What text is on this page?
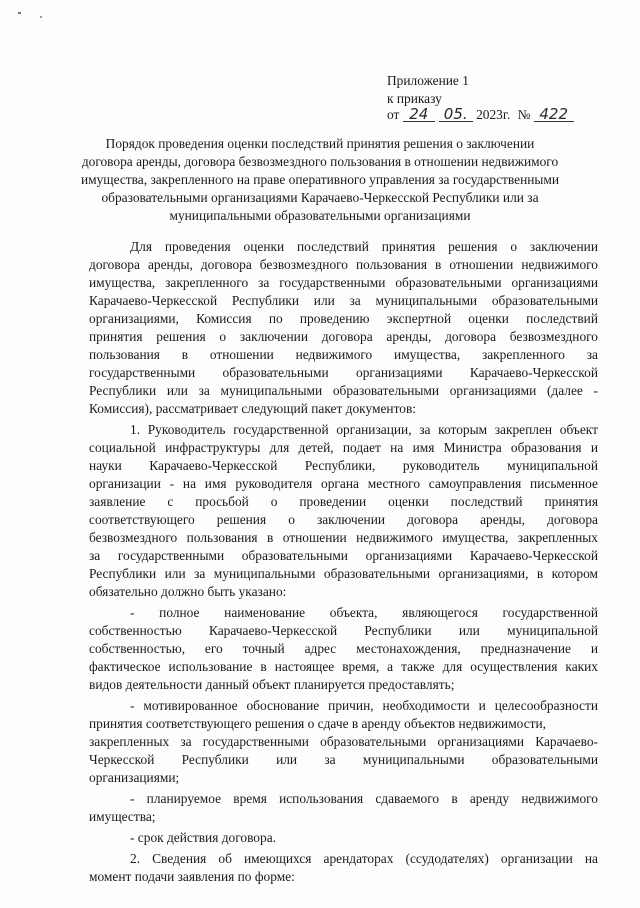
Приложение 1
к приказу
от 24 05. 2023г. № 422
Порядок проведения оценки последствий принятия решения о заключении
договора аренды, договора безвозмездного пользования в отношении недвижимого
имущества, закрепленного на праве оперативного управления за государственными
образовательными организациями Карачаево-Черкесской Республики или за
муниципальными образовательными организациями
Для проведения оценки последствий принятия решения о заключении
договора аренды, договора безвозмездного пользования в отношении недвижимого
имущества, закрепленного за государственными образовательными организациями
Карачаево-Черкесской Республики или за муниципальными образовательными
организациями, Комиссия по проведению экспертной оценки последствий
принятия решения о заключении договора аренды, договора безвозмездного
пользования в отношении недвижимого имущества, закрепленного за
государственными образовательными организациями Карачаево-Черкесской
Республики или за муниципальными образовательными организациями (далее -
Комиссия), рассматривает следующий пакет документов:
1. Руководитель государственной организации, за которым закреплен объект
социальной инфраструктуры для детей, подает на имя Министра образования и
науки Карачаево-Черкесской Республики, руководитель муниципальной
организации - на имя руководителя органа местного самоуправления письменное
заявление с просьбой о проведении оценки последствий принятия
соответствующего решения о заключении договора аренды, договора
безвозмездного пользования в отношении недвижимого имущества, закрепленных
за государственными образовательными организациями Карачаево-Черкесской
Республики или за муниципальными образовательными организациями, в котором
обязательно должно быть указано:
- полное наименование объекта, являющегося государственной
собственностью Карачаево-Черкесской Республики или муниципальной
собственностью, его точный адрес местонахождения, предназначение и
фактическое использование в настоящее время, а также для осуществления каких
видов деятельности данный объект планируется предоставлять;
- мотивированное обоснование причин, необходимости и целесообразности
принятия соответствующего решения о сдаче в аренду объектов недвижимости,
закрепленных за государственными образовательными организациями Карачаево-
Черкесской Республики или за муниципальными образовательными
организациями;
- планируемое время использования сдаваемого в аренду недвижимого
имущества;
- срок действия договора.
2. Сведения об имеющихся арендаторах (ссудодателях) организации на
момент подачи заявления по форме:
